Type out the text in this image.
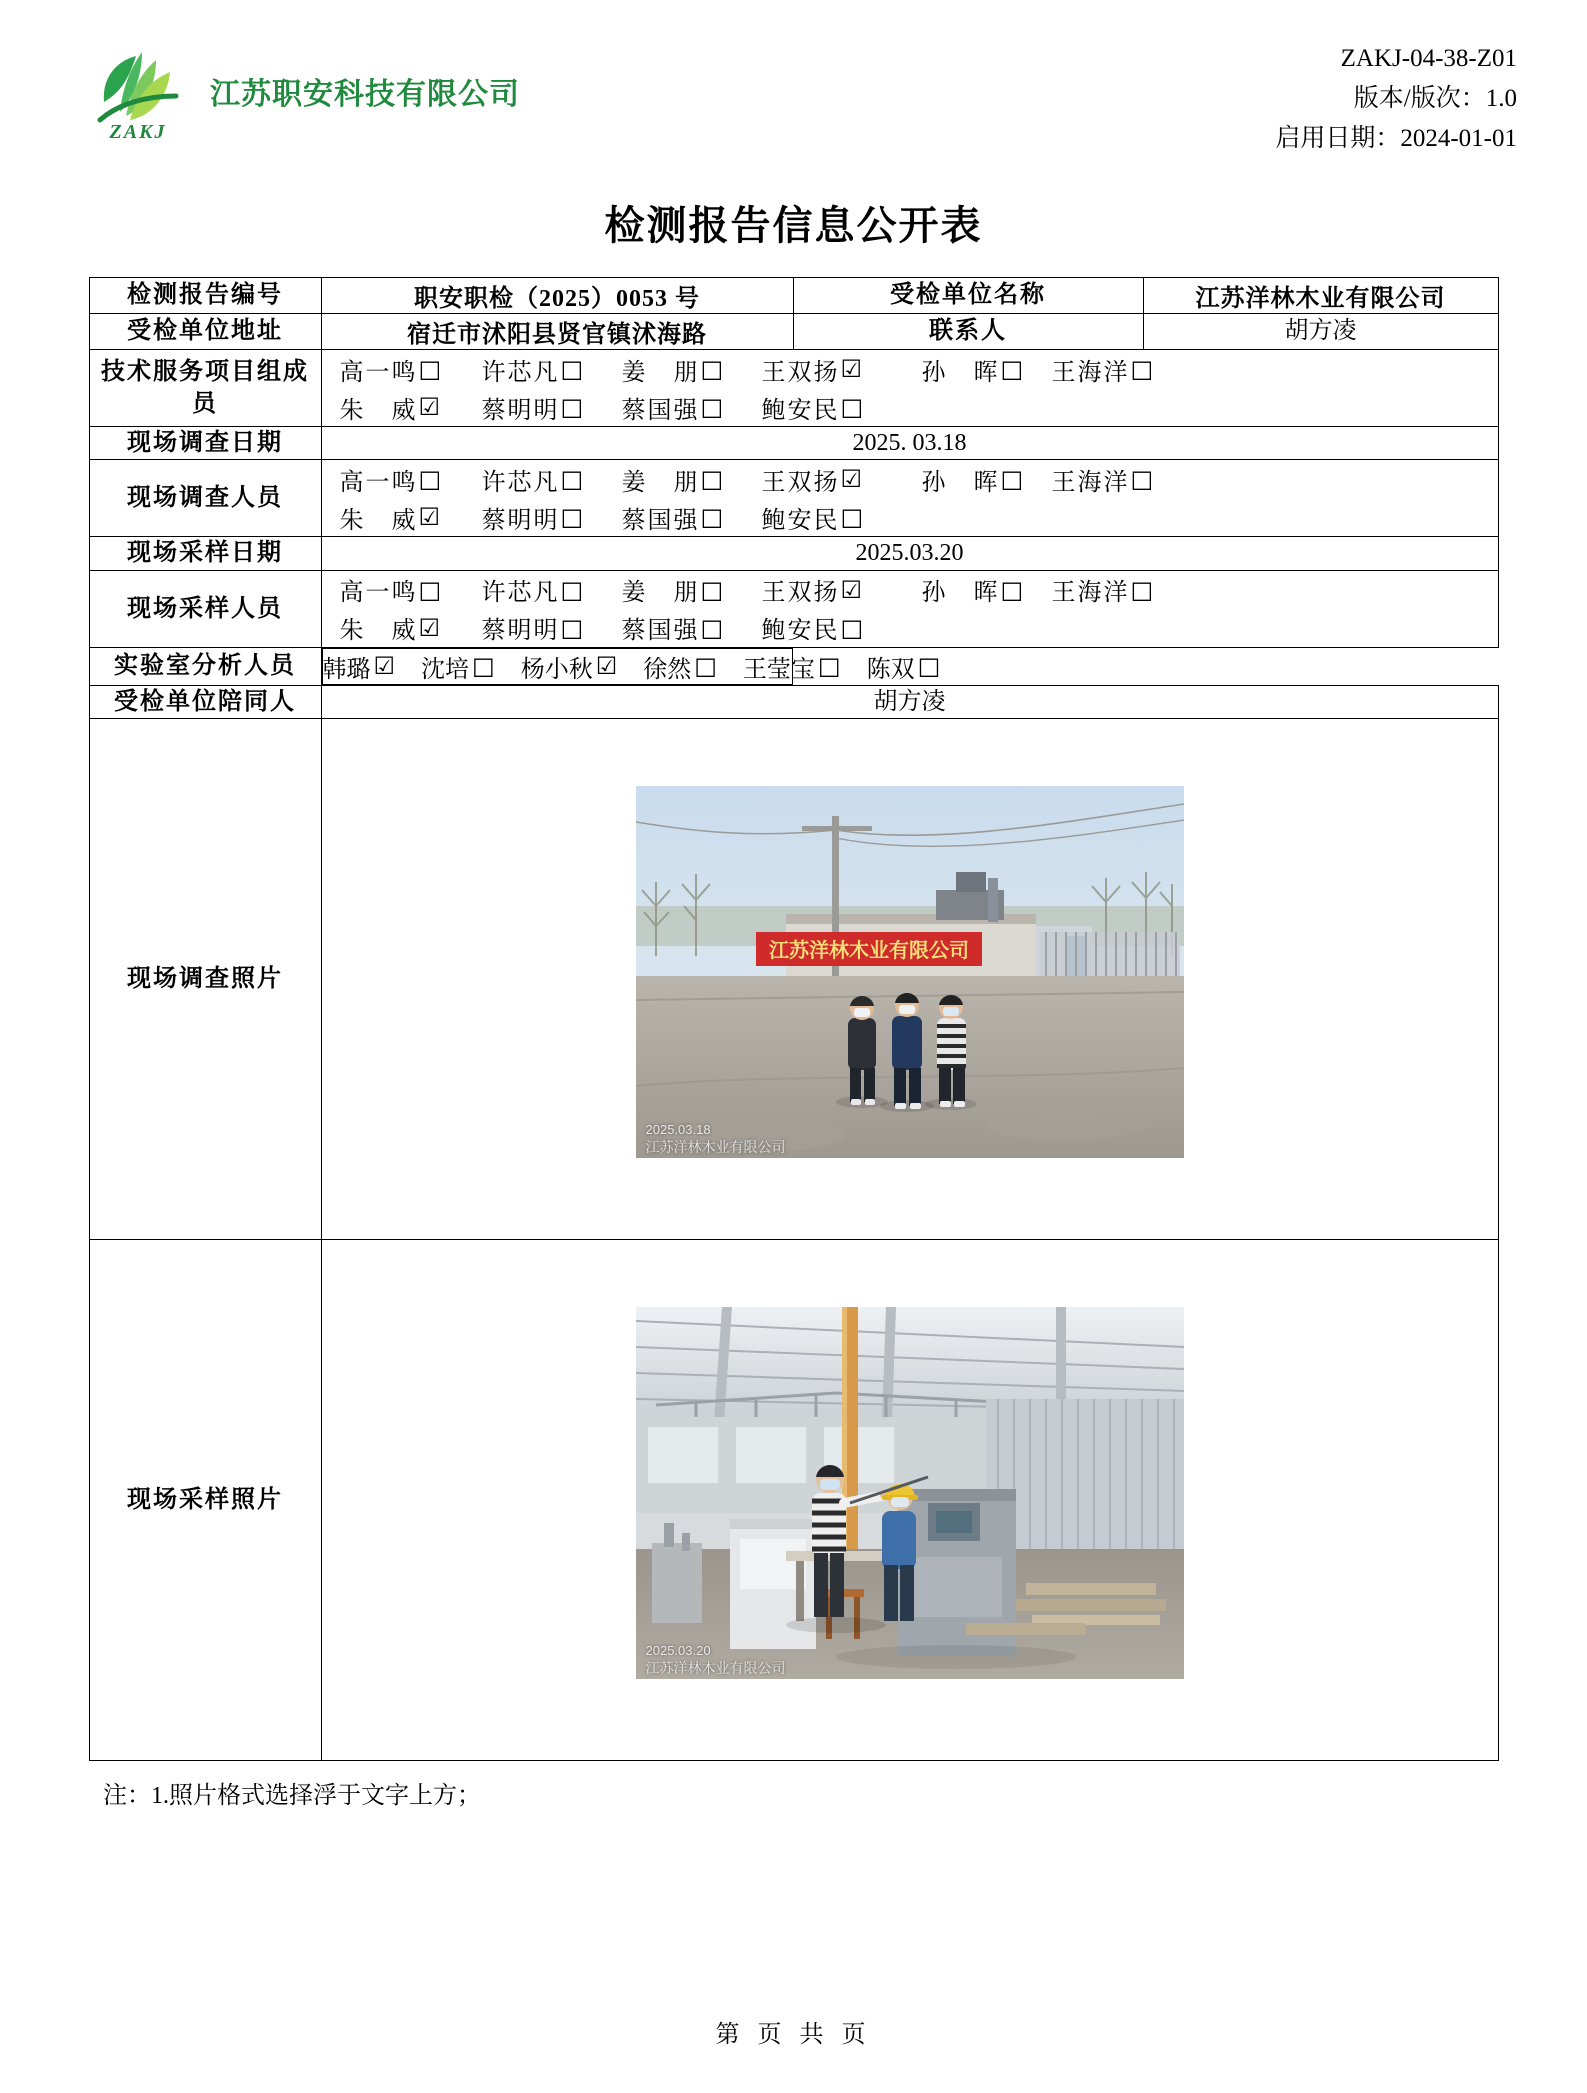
ZAKJ
江苏职安科技有限公司
ZAKJ-04-38-Z01
版本/版次：1.0
启用日期：2024-01-01
检测报告信息公开表
检测报告编号	职安职检（2025）0053 号	受检单位名称	江苏洋林木业有限公司
受检单位地址	宿迁市沭阳县贤官镇沭海路	联系人	胡方凌
技术服务项目组成员	
高一鸣 □ 许芯凡 □ 姜　朋 □ 王双扬 ☑ 孙　晖 □ 王海洋 □
朱　威 ☑ 蔡明明 □ 蔡国强 □ 鲍安民 □

现场调查日期	2025. 03.18		
现场调查人员	
高一鸣 □ 许芯凡 □ 姜　朋 □ 王双扬 ☑ 孙　晖 □ 王海洋 □
朱　威 ☑ 蔡明明 □ 蔡国强 □ 鲍安民 □

现场采样日期	2025.03.20		
现场采样人员	
高一鸣 □ 许芯凡 □ 姜　朋 □ 王双扬 ☑ 孙　晖 □ 王海洋 □
朱　威 ☑ 蔡明明 □ 蔡国强 □ 鲍安民 □

实验室分析人员	韩璐 ☑ 沈培 □ 杨小秋 ☑ 徐然 □ 王莹宝 □ 陈双 □

受检单位陪同人	胡方凌		
现场调查照片	江苏洋林木业有限公司
2025.03.18
江苏洋林木业有限公司		

现场采样照片	2025.03.20
江苏洋林木业有限公司		
注：1.照片格式选择浮于文字上方；
第 页 共 页
